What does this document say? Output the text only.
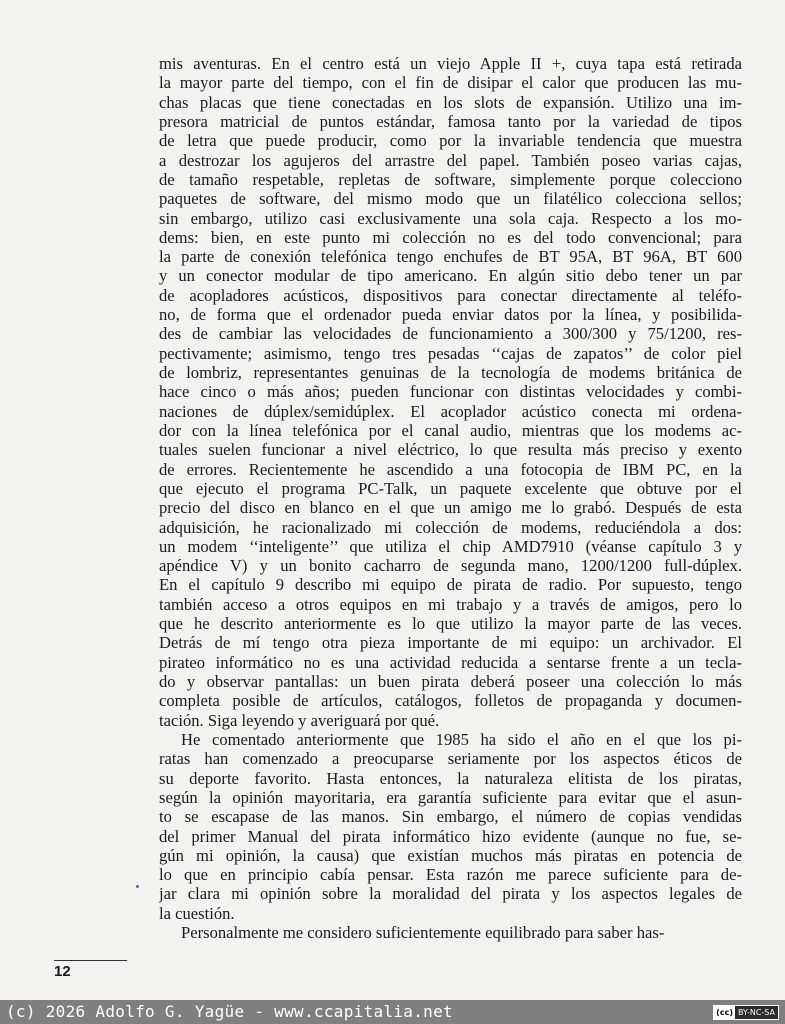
mis aventuras. En el centro está un viejo Apple II +, cuya tapa está retirada
la mayor parte del tiempo, con el fin de disipar el calor que producen las mu-
chas placas que tiene conectadas en los slots de expansión. Utilizo una im-
presora matricial de puntos estándar, famosa tanto por la variedad de tipos
de letra que puede producir, como por la invariable tendencia que muestra
a destrozar los agujeros del arrastre del papel. También poseo varias cajas,
de tamaño respetable, repletas de software, simplemente porque colecciono
paquetes de software, del mismo modo que un filatélico colecciona sellos;
sin embargo, utilizo casi exclusivamente una sola caja. Respecto a los mo-
dems: bien, en este punto mi colección no es del todo convencional; para
la parte de conexión telefónica tengo enchufes de BT 95A, BT 96A, BT 600
y un conector modular de tipo americano. En algún sitio debo tener un par
de acopladores acústicos, dispositivos para conectar directamente al teléfo-
no, de forma que el ordenador pueda enviar datos por la línea, y posibilida-
des de cambiar las velocidades de funcionamiento a 300/300 y 75/1200, res-
pectivamente; asimismo, tengo tres pesadas ‘‘cajas de zapatos’’ de color piel
de lombriz, representantes genuinas de la tecnología de modems británica de
hace cinco o más años; pueden funcionar con distintas velocidades y combi-
naciones de dúplex/semidúplex. El acoplador acústico conecta mi ordena-
dor con la línea telefónica por el canal audio, mientras que los modems ac-
tuales suelen funcionar a nivel eléctrico, lo que resulta más preciso y exento
de errores. Recientemente he ascendido a una fotocopia de IBM PC, en la
que ejecuto el programa PC-Talk, un paquete excelente que obtuve por el
precio del disco en blanco en el que un amigo me lo grabó. Después de esta
adquisición, he racionalizado mi colección de modems, reduciéndola a dos:
un modem ‘‘inteligente’’ que utiliza el chip AMD7910 (véanse capítulo 3 y
apéndice V) y un bonito cacharro de segunda mano, 1200/1200 full-dúplex.
En el capítulo 9 describo mi equipo de pirata de radio. Por supuesto, tengo
también acceso a otros equipos en mi trabajo y a través de amigos, pero lo
que he descrito anteriormente es lo que utilizo la mayor parte de las veces.
Detrás de mí tengo otra pieza importante de mi equipo: un archivador. El
pirateo informático no es una actividad reducida a sentarse frente a un tecla-
do y observar pantallas: un buen pirata deberá poseer una colección lo más
completa posible de artículos, catálogos, folletos de propaganda y documen-
tación. Siga leyendo y averiguará por qué.
He comentado anteriormente que 1985 ha sido el año en el que los pi-
ratas han comenzado a preocuparse seriamente por los aspectos éticos de
su deporte favorito. Hasta entonces, la naturaleza elitista de los piratas,
según la opinión mayoritaria, era garantía suficiente para evitar que el asun-
to se escapase de las manos. Sin embargo, el número de copias vendidas
del primer Manual del pirata informático hizo evidente (aunque no fue, se-
gún mi opinión, la causa) que existían muchos más piratas en potencia de
lo que en principio cabía pensar. Esta razón me parece suficiente para de-
jar clara mi opinión sobre la moralidad del pirata y los aspectos legales de
la cuestión.
Personalmente me considero suficientemente equilibrado para saber has-
12
(c) 2026 Adolfo G. Yagüe - www.ccapitalia.net	(cc) BY-NC-SA
